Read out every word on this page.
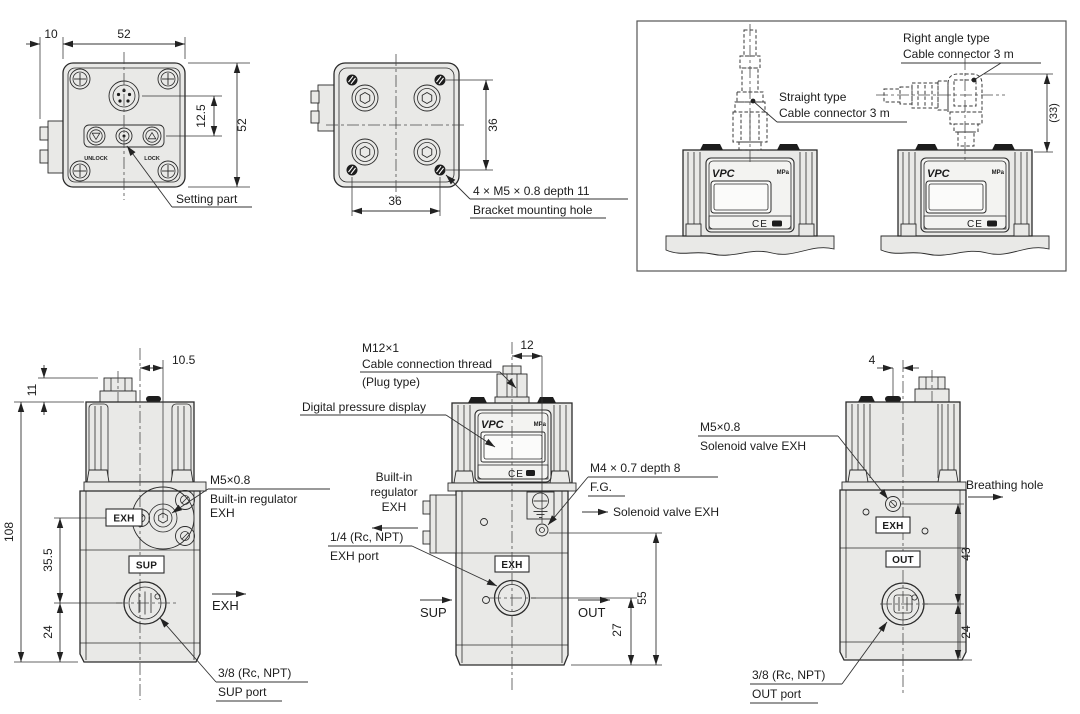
UNLOCK	LOCK
10	52
52
12.5
Setting part
36
36
4 × M5 × 0.8 depth 11
Bracket mounting hole
VPC	MPa
CE
VPC	MPa
CE
Right angle type
Cable connector 3 m
Straight type
Cable connector 3 m	(33)
EXH
SUP
10.5
11
108
35.5
24
M5×0.8
Built-in regulator
EXH
EXH
3/8 (Rc, NPT)
SUP port
VPC	MPa
CE
EXH
12
55
27
M12×1
Cable connection thread
(Plug type)
Digital pressure display
Built-in
regulator
EXH
M4 × 0.7 depth 8
F.G.
Solenoid valve EXH
1/4 (Rc, NPT)
EXH port
SUP	OUT
EXH
OUT
4
43
24
M5×0.8
Solenoid valve EXH
Breathing hole
3/8 (Rc, NPT)
OUT port
